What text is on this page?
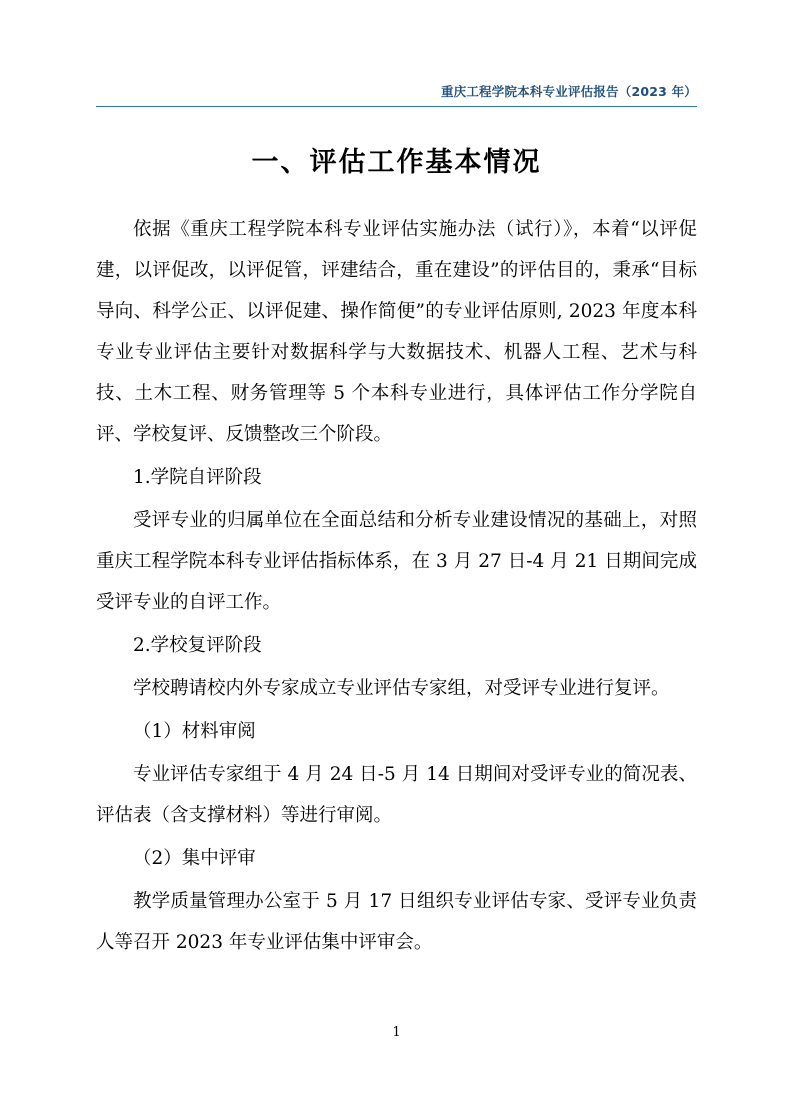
重庆工程学院本科专业评估报告（2023 年）
一、评估工作基本情况

依据《重庆工程学院本科专业评估实施办法（试行）》，本着“以评促建，以评促改，以评促管，评建结合，重在建设”的评估目的，秉承“目标导向、科学公正、以评促建、操作简便”的专业评估原则, 2023 年度本科专业专业评估主要针对数据科学与大数据技术、机器人工程、艺术与科技、土木工程、财务管理等 5 个本科专业进行，具体评估工作分学院自评、学校复评、反馈整改三个阶段。

1.学院自评阶段

受评专业的归属单位在全面总结和分析专业建设情况的基础上，对照重庆工程学院本科专业评估指标体系，在 3 月 27 日-4 月 21 日期间完成受评专业的自评工作。

2.学校复评阶段

学校聘请校内外专家成立专业评估专家组，对受评专业进行复评。

（1）材料审阅

专业评估专家组于 4 月 24 日-5 月 14 日期间对受评专业的简况表、评估表（含支撑材料）等进行审阅。

（2）集中评审

教学质量管理办公室于 5 月 17 日组织专业评估专家、受评专业负责人等召开 2023 年专业评估集中评审会。

1
